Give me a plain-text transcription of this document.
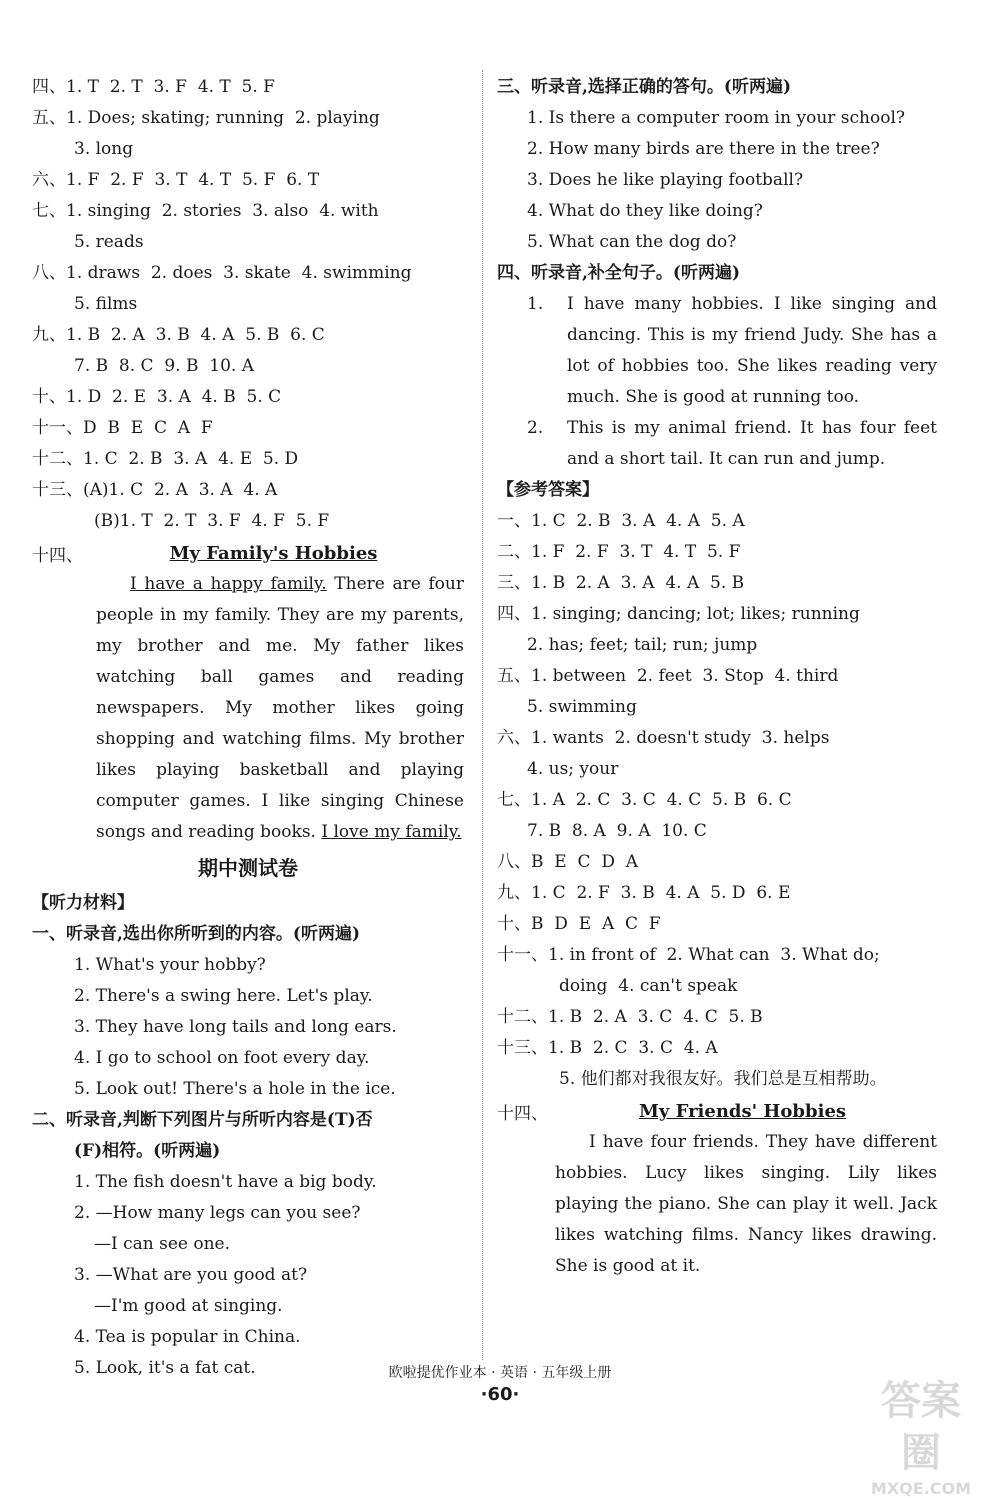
四、1. T  2. T  3. F  4. T  5. F
五、1. Does; skating; running  2. playing
3. long
六、1. F  2. F  3. T  4. T  5. F  6. T
七、1. singing  2. stories  3. also  4. with
5. reads
八、1. draws  2. does  3. skate  4. swimming
5. films
九、1. B  2. A  3. B  4. A  5. B  6. C
7. B  8. C  9. B  10. A
十、1. D  2. E  3. A  4. B  5. C
十一、D  B  E  C  A  F
十二、1. C  2. B  3. A  4. E  5. D
十三、(A)1. C  2. A  3. A  4. A
(B)1. T  2. T  3. F  4. F  5. F
十四、	My Family's Hobbies
I have a happy family. There are four people in my family. They are my parents, my brother and me. My father likes watching ball games and reading newspapers. My mother likes going shopping and watching films. My brother likes playing basketball and playing computer games. I like singing Chinese songs and reading books. I love my family.
期中测试卷
【听力材料】
一、听录音,选出你所听到的内容。(听两遍)
1. What's your hobby?
2. There's a swing here. Let's play.
3. They have long tails and long ears.
4. I go to school on foot every day.
5. Look out! There's a hole in the ice.
二、听录音,判断下列图片与所听内容是(T)否
(F)相符。(听两遍)
1. The fish doesn't have a big body.
2. —How many legs can you see?
—I can see one.
3. —What are you good at?
—I'm good at singing.
4. Tea is popular in China.
5. Look, it's a fat cat.
三、听录音,选择正确的答句。(听两遍)
1. Is there a computer room in your school?
2. How many birds are there in the tree?
3. Does he like playing football?
4. What do they like doing?
5. What can the dog do?
四、听录音,补全句子。(听两遍)
1.	I have many hobbies. I like singing and dancing. This is my friend Judy. She has a lot of hobbies too. She likes reading very much. She is good at running too.
2.	This is my animal friend. It has four feet and a short tail. It can run and jump.
【参考答案】
一、1. C  2. B  3. A  4. A  5. A
二、1. F  2. F  3. T  4. T  5. F
三、1. B  2. A  3. A  4. A  5. B
四、1. singing; dancing; lot; likes; running
2. has; feet; tail; run; jump
五、1. between  2. feet  3. Stop  4. third
5. swimming
六、1. wants  2. doesn't study  3. helps
4. us; your
七、1. A  2. C  3. C  4. C  5. B  6. C
7. B  8. A  9. A  10. C
八、B  E  C  D  A
九、1. C  2. F  3. B  4. A  5. D  6. E
十、B  D  E  A  C  F
十一、1. in front of  2. What can  3. What do;
doing  4. can't speak
十二、1. B  2. A  3. C  4. C  5. B
十三、1. B  2. C  3. C  4. A
5. 他们都对我很友好。我们总是互相帮助。
十四、	My Friends' Hobbies
I have four friends. They have different hobbies. Lucy likes singing. Lily likes playing the piano. She can play it well. Jack likes watching films. Nancy likes drawing. She is good at it.
欧啦提优作业本 · 英语 · 五年级上册
·60·	答案圈
MXQE.COM
